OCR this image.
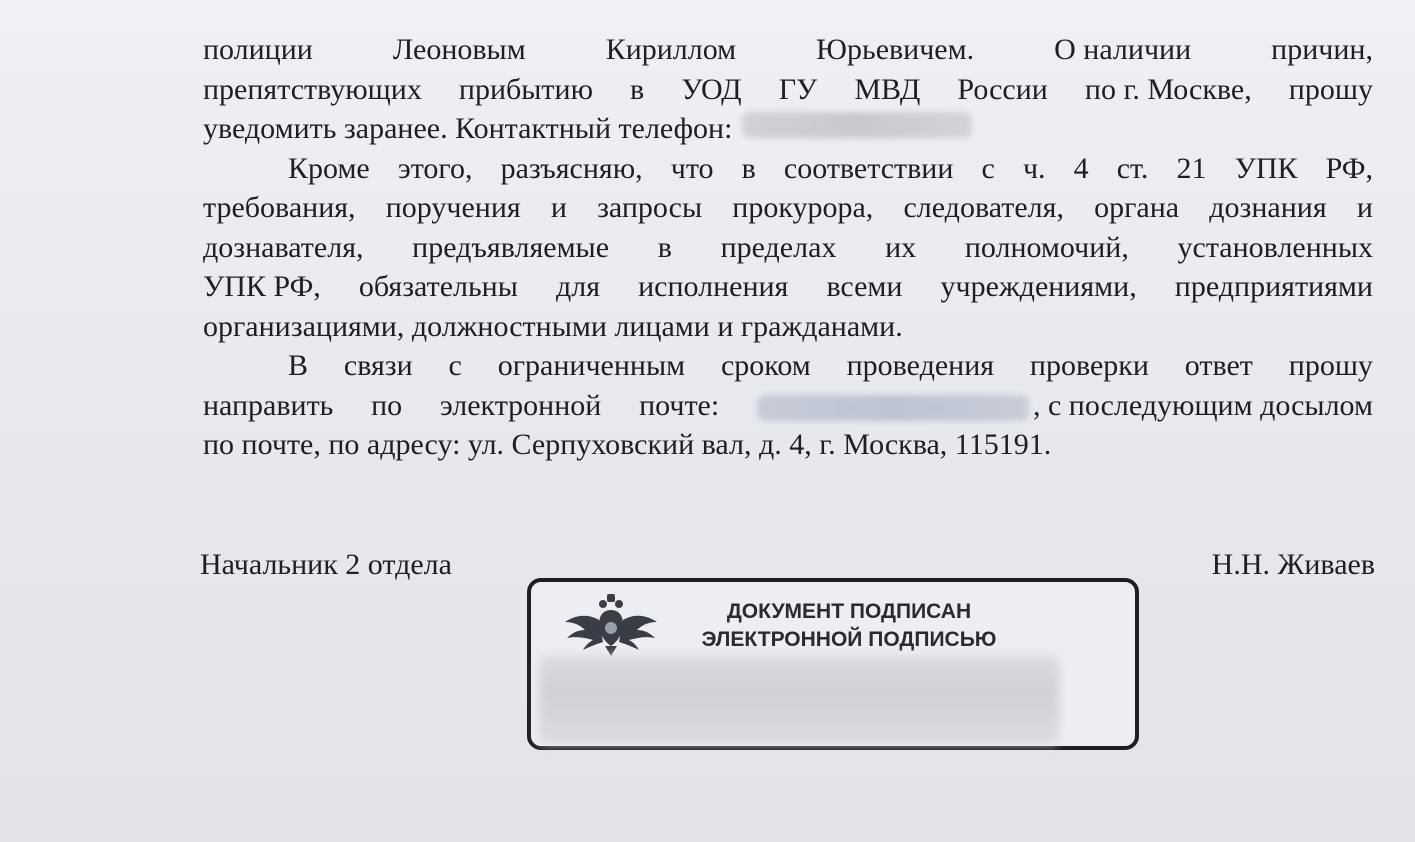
полиции	Леоновым	Кириллом	Юрьевичем.	О наличии	причин,
препятствующих прибытию в УОД ГУ МВД России по г. Москве, прошу
уведомить заранее. Контактный телефон:
Кроме этого, разъясняю, что в соответствии с ч. 4 ст. 21 УПК РФ,
требования, поручения и запросы прокурора, следователя, органа дознания и
дознавателя, предъявляемые в пределах их полномочий, установленных
УПК РФ, обязательны для исполнения всеми учреждениями, предприятиями
организациями, должностными лицами и гражданами.
В связи с ограниченным сроком проведения проверки ответ прошу
направить по электронной почте:	, с последующим досылом
по почте, по адресу: ул. Серпуховский вал, д. 4, г. Москва, 115191.
Начальник 2 отдела	Н.Н. Живаев
ДОКУМЕНТ ПОДПИСАН
ЭЛЕКТРОННОЙ ПОДПИСЬЮ
